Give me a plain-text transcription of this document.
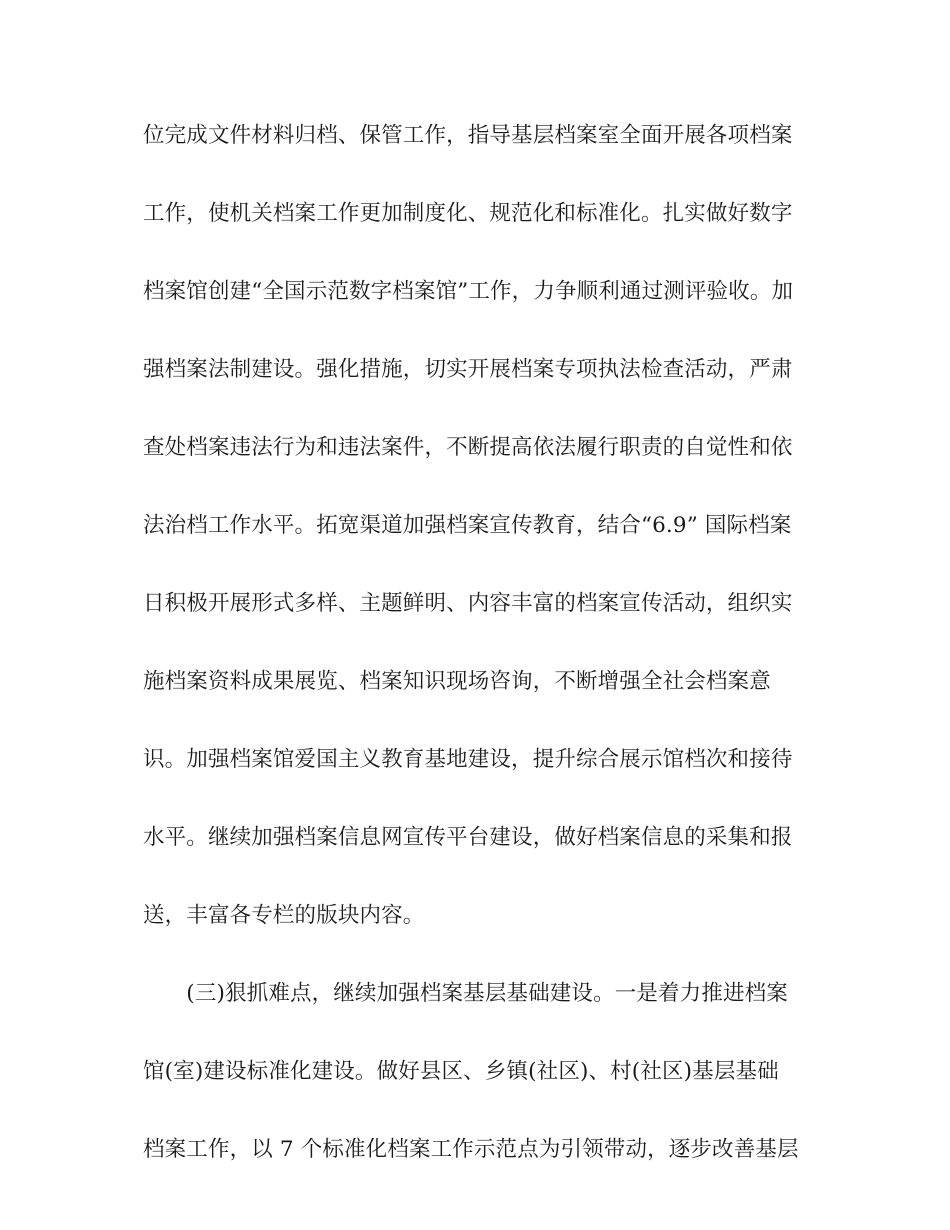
位完成文件材料归档、保管工作，指导基层档案室全面开展各项档案
工作，使机关档案工作更加制度化、规范化和标准化。扎实做好数字
档案馆创建“全国示范数字档案馆”工作，力争顺利通过测评验收。加
强档案法制建设。强化措施，切实开展档案专项执法检查活动，严肃
查处档案违法行为和违法案件，不断提高依法履行职责的自觉性和依
法治档工作水平。拓宽渠道加强档案宣传教育，结合“6.9” 国际档案
日积极开展形式多样、主题鲜明、内容丰富的档案宣传活动，组织实
施档案资料成果展览、档案知识现场咨询，不断增强全社会档案意
识。加强档案馆爱国主义教育基地建设，提升综合展示馆档次和接待
水平。继续加强档案信息网宣传平台建设，做好档案信息的采集和报
送，丰富各专栏的版块内容。
　　(三)狠抓难点，继续加强档案基层基础建设。一是着力推进档案
馆(室)建设标准化建设。做好县区、乡镇(社区)、村(社区)基层基础
档案工作，以 7 个标准化档案工作示范点为引领带动，逐步改善基层
